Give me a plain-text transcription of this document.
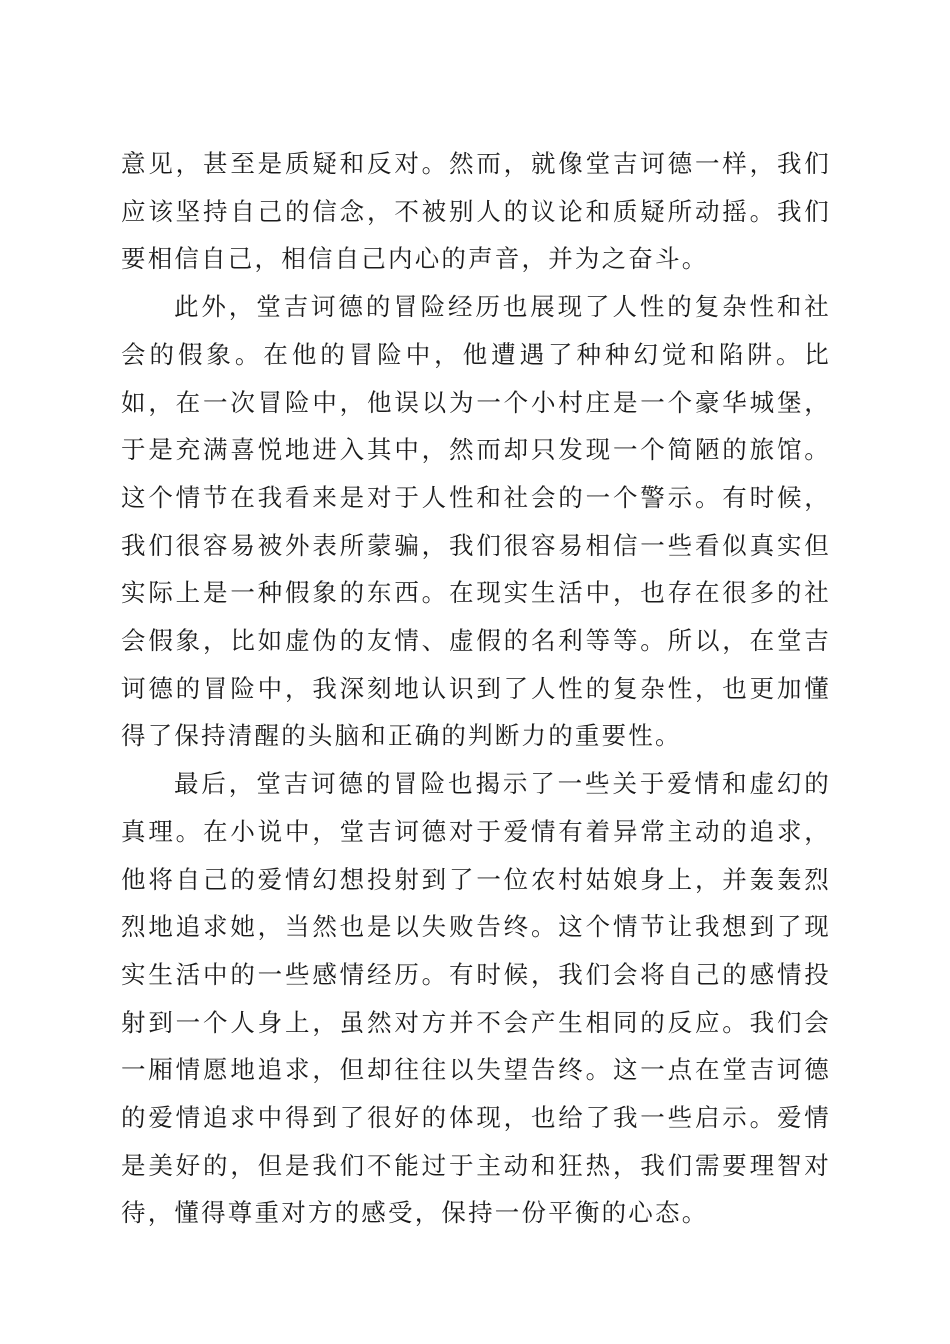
意见，甚至是质疑和反对。然而，就像堂吉诃德一样，我们应该坚持自己的信念，不被别人的议论和质疑所动摇。我们要相信自己，相信自己内心的声音，并为之奋斗。

此外，堂吉诃德的冒险经历也展现了人性的复杂性和社会的假象。在他的冒险中，他遭遇了种种幻觉和陷阱。比如，在一次冒险中，他误以为一个小村庄是一个豪华城堡，于是充满喜悦地进入其中，然而却只发现一个简陋的旅馆。这个情节在我看来是对于人性和社会的一个警示。有时候，我们很容易被外表所蒙骗，我们很容易相信一些看似真实但实际上是一种假象的东西。在现实生活中，也存在很多的社会假象，比如虚伪的友情、虚假的名利等等。所以，在堂吉诃德的冒险中，我深刻地认识到了人性的复杂性，也更加懂得了保持清醒的头脑和正确的判断力的重要性。

最后，堂吉诃德的冒险也揭示了一些关于爱情和虚幻的真理。在小说中，堂吉诃德对于爱情有着异常主动的追求，他将自己的爱情幻想投射到了一位农村姑娘身上，并轰轰烈烈地追求她，当然也是以失败告终。这个情节让我想到了现实生活中的一些感情经历。有时候，我们会将自己的感情投射到一个人身上，虽然对方并不会产生相同的反应。我们会一厢情愿地追求，但却往往以失望告终。这一点在堂吉诃德的爱情追求中得到了很好的体现，也给了我一些启示。爱情是美好的，但是我们不能过于主动和狂热，我们需要理智对待，懂得尊重对方的感受，保持一份平衡的心态。
